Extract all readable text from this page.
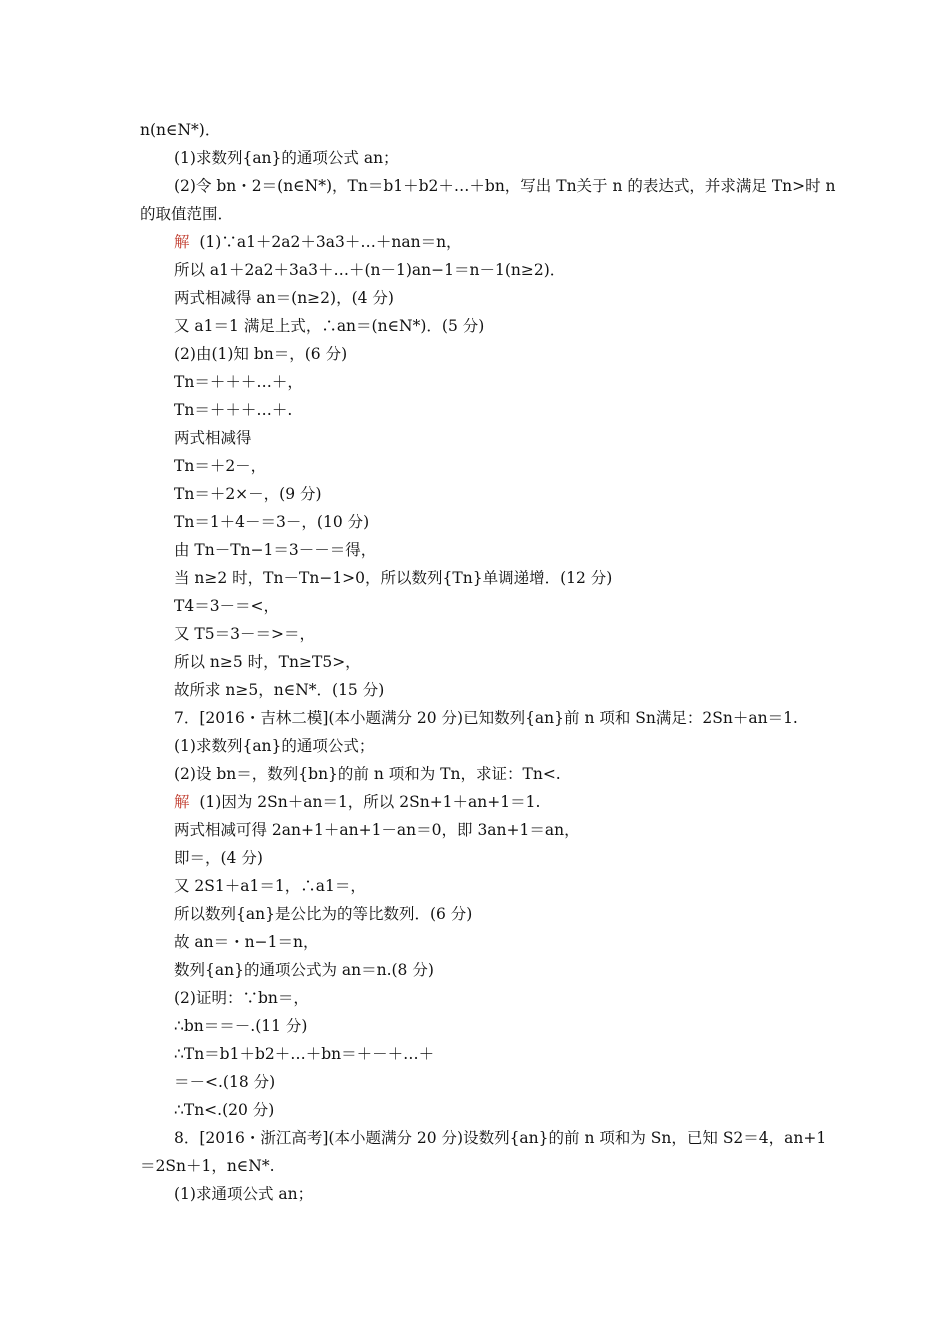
n(n∈N*)．
(1)求数列{an}的通项公式 an；
(2)令 bn・2＝(n∈N*)，Tn＝b1＋b2＋…＋bn，写出 Tn关于 n 的表达式，并求满足 Tn>时 n
的取值范围．
解  (1)∵a1＋2a2＋3a3＋…＋nan＝n，
所以 a1＋2a2＋3a3＋…＋(n－1)an−1＝n－1(n≥2)．
两式相减得 an＝(n≥2)，(4 分)
又 a1＝1 满足上式，∴an＝(n∈N*)．(5 分)
(2)由(1)知 bn＝，(6 分)
Tn＝＋＋＋…＋，
Tn＝＋＋＋…＋.
两式相减得
Tn＝＋2－，
Tn＝＋2×－，(9 分)
Tn＝1＋4－＝3－，(10 分)
由 Tn－Tn−1＝3－－＝得，
当 n≥2 时，Tn－Tn−1>0，所以数列{Tn}单调递增．(12 分)
T4＝3－＝<，
又 T5＝3－＝>＝，
所以 n≥5 时，Tn≥T5>，
故所求 n≥5，n∈N*．(15 分)
7．[2016・吉林二模](本小题满分 20 分)已知数列{an}前 n 项和 Sn满足：2Sn＋an＝1.
(1)求数列{an}的通项公式；
(2)设 bn＝，数列{bn}的前 n 项和为 Tn，求证：Tn<.
解  (1)因为 2Sn＋an＝1，所以 2Sn+1＋an+1＝1.
两式相减可得 2an+1＋an+1－an＝0，即 3an+1＝an，
即＝，(4 分)
又 2S1＋a1＝1，∴a1＝，
所以数列{an}是公比为的等比数列．(6 分)
故 an＝・n−1＝n，
数列{an}的通项公式为 an＝n.(8 分)
(2)证明：∵bn＝，
∴bn＝＝－.(11 分)
∴Tn＝b1＋b2＋…＋bn＝＋－＋…＋
＝－<.(18 分)
∴Tn<.(20 分)
8．[2016・浙江高考](本小题满分 20 分)设数列{an}的前 n 项和为 Sn，已知 S2＝4，an+1
＝2Sn＋1，n∈N*.
(1)求通项公式 an；
